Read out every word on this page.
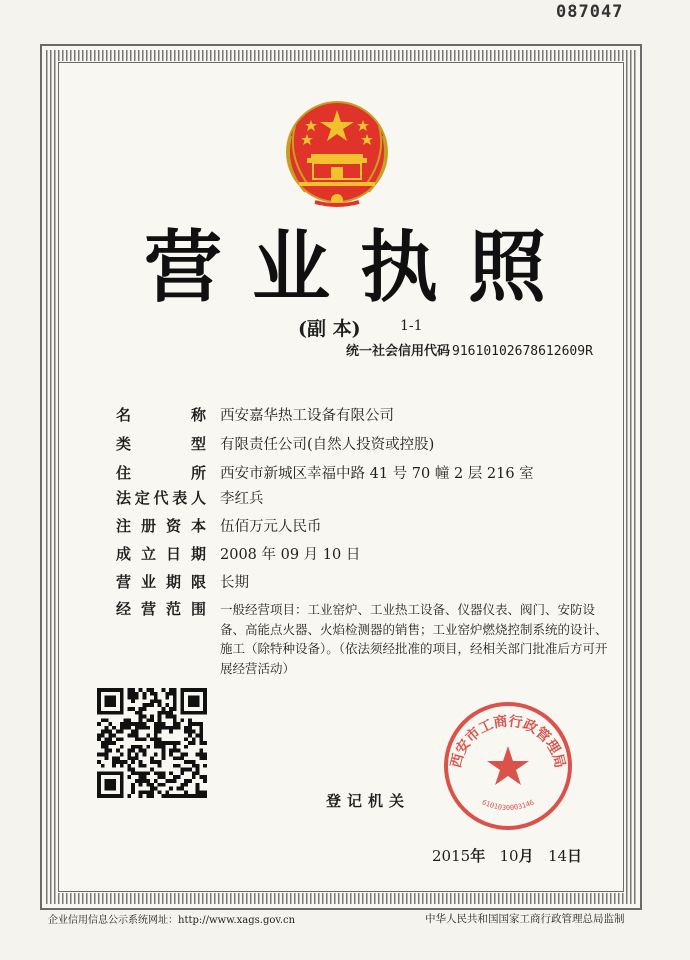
087047
营业执照
(副 本)	1-1
统一社会信用代码 91610102678612609R
名	称 西安嘉华热工设备有限公司
类	型 有限责任公司(自然人投资或控股)
住	所 西安市新城区幸福中路 41 号 70 幢 2 层 216 室
法 定 代 表 人 李红兵
注 册 资 本 伍佰万元人民币
成 立 日 期 2008 年 09 月 10 日
营 业 期 限 长期
经 营 范 围 一般经营项目：工业窑炉、工业热工设备、仪器仪表、阀门、安防设备、高能点火器、火焰检测器的销售；工业窑炉燃烧控制系统的设计、施工（除特种设备）。（依法须经批准的项目，经相关部门批准后方可开展经营活动）
登记机关
西安市工商行政管理局
6101030003146
2015年 10月 14日
企业信用信息公示系统网址：http://www.xags.gov.cn	中华人民共和国国家工商行政管理总局监制
